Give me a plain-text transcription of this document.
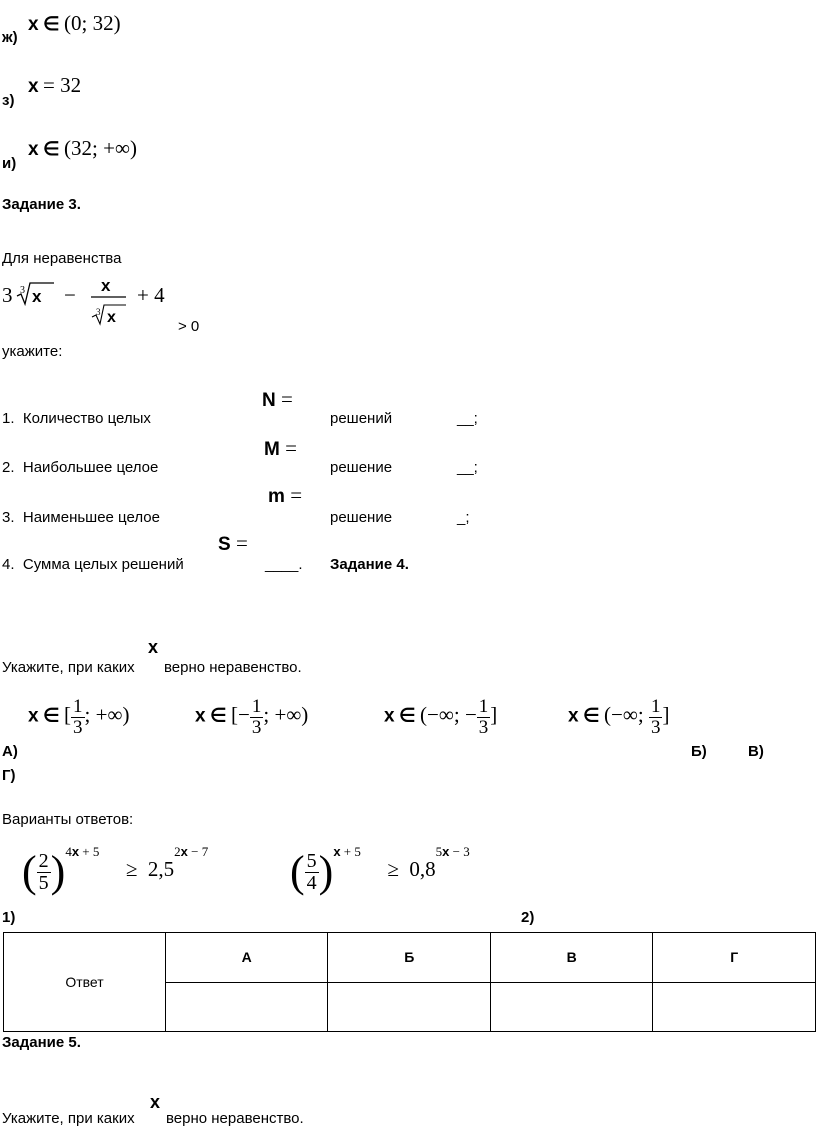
ж)
x ∈ (0; 32)
з)
x = 32
и)
x ∈ (32; +∞)
Задание 3.
Для неравенства
3 3 x − x
3 x
+ 4
> 0
укажите:
N =
1. Количество целых	решений	__;
M =
2. Наибольшее целое	решение	__;
m =
3. Наименьшее целое	решение	_;
S =
4. Сумма целых решений	____. Задание 4.
x
Укажите, при каких верно неравенство.
x ∈ [ $\frac{1}{3}$ ; +∞)	x ∈ [− $\frac{1}{3}$ ; +∞)	x ∈ (−∞; − $\frac{1}{3}$ ]	x ∈ (−∞; $\frac{1}{3}$ ]
А)	Б)	В)
Г)
Варианты ответов:
( $\frac{2}{5} )^{4x + 5} \ge 2,5^{2x - 7}$ ( $\frac{5}{4} )^{x + 5} \ge 0,8^{5x - 3}$
1)	2)
Ответ	А	Б	В	Г

Задание 5.
x
Укажите, при каких верно неравенство.
